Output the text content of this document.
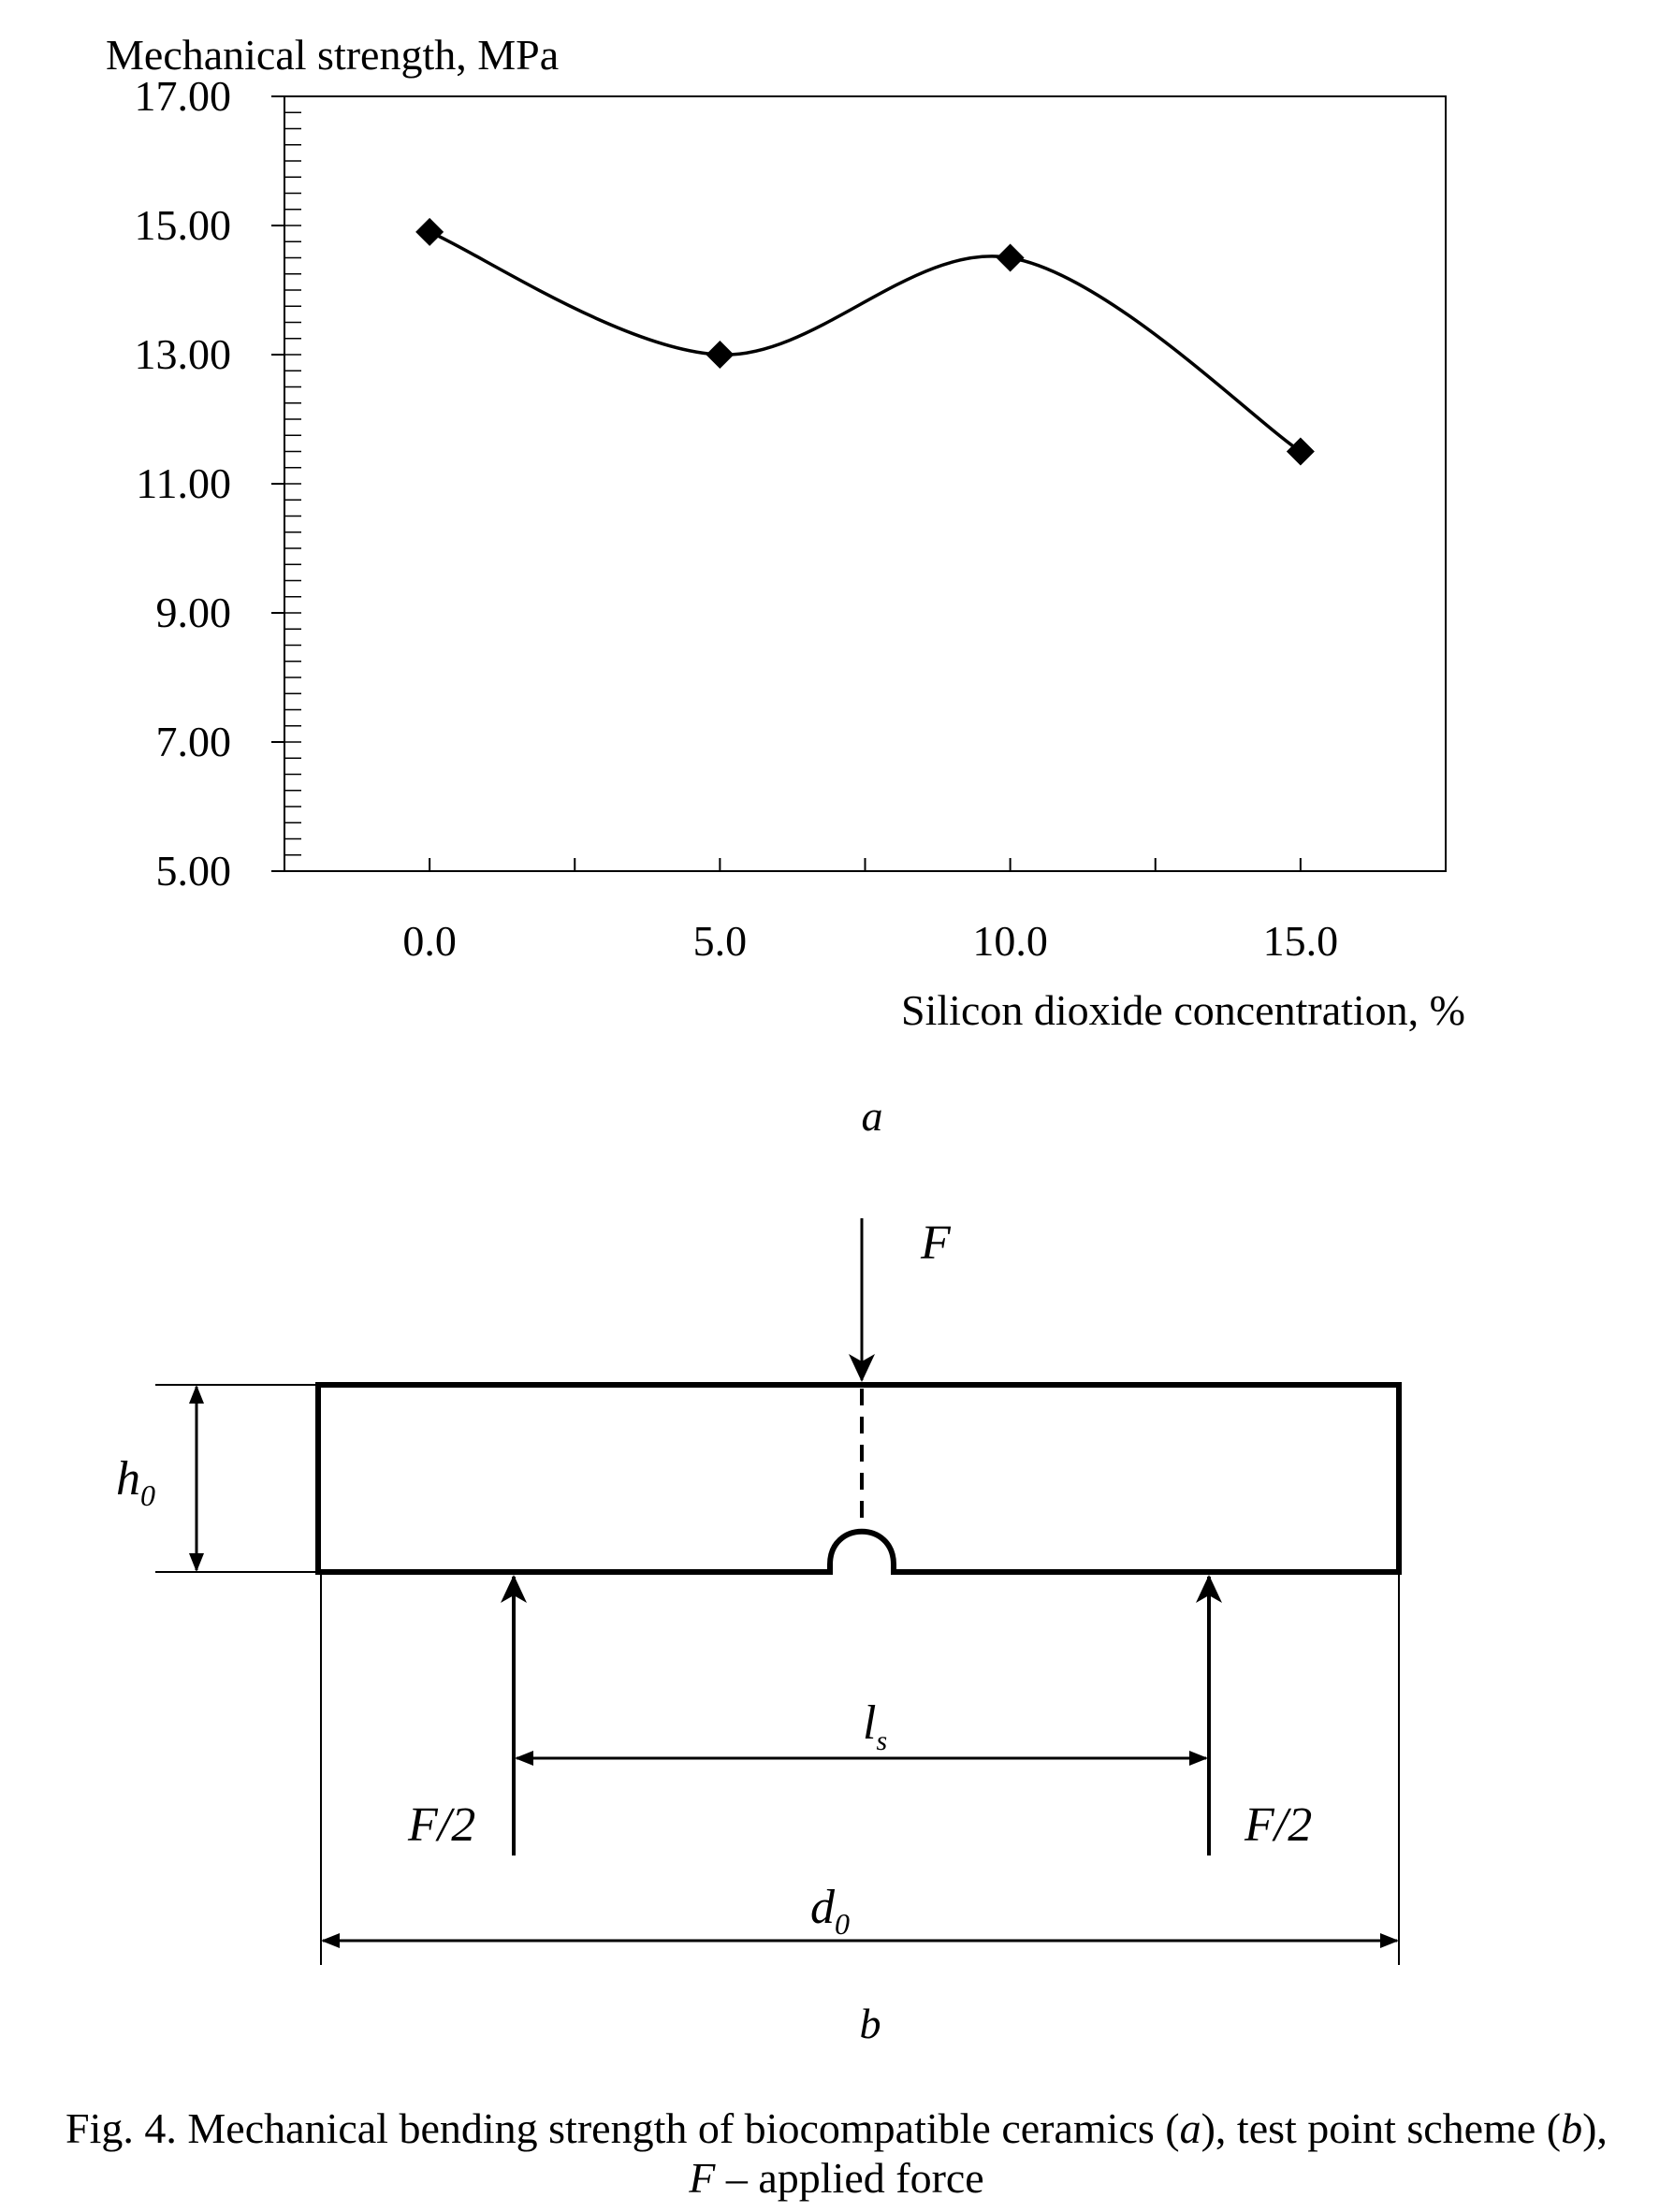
Mechanical strength, MPa
5.00
7.00
9.00
11.00
13.00
15.00
17.00
0.0	5.0	10.0	15.0
Silicon dioxide concentration, %
a
F
$h_0$
F/2	F/2
$l_s$
$d_0$
b
Fig. 4. Mechanical bending strength of biocompatible ceramics (a), test point scheme (b),
F – applied force
